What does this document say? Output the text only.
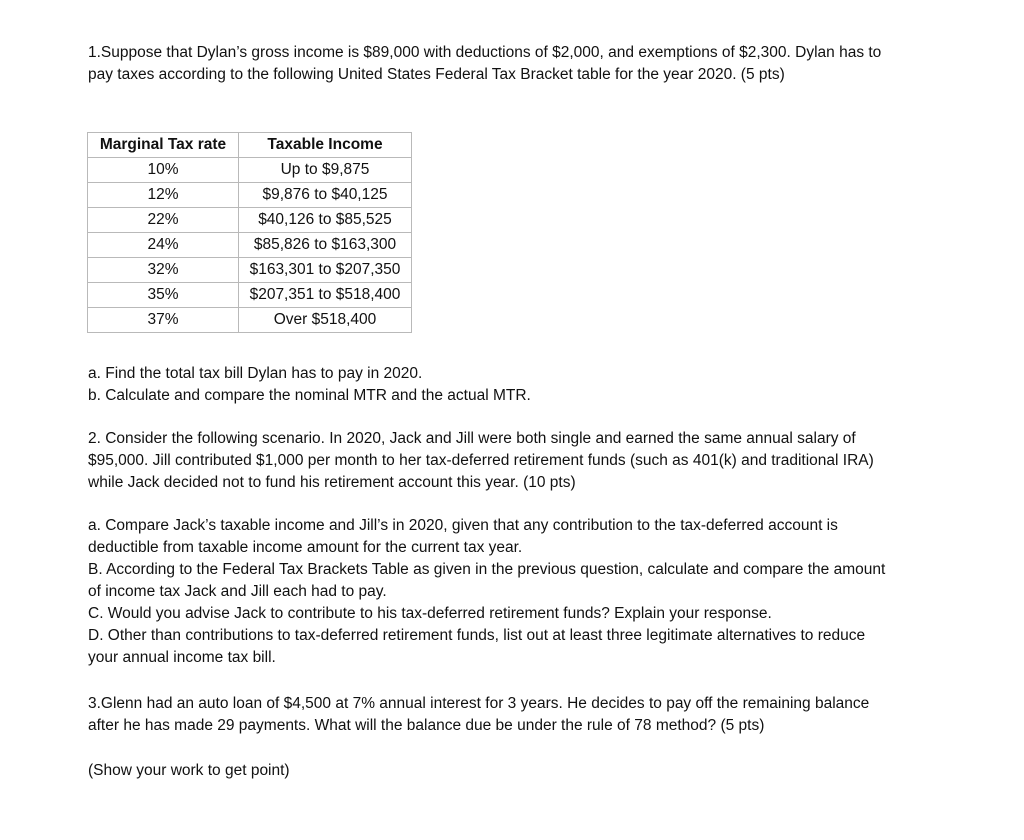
1.Suppose that Dylan’s gross income is $89,000 with deductions of $2,000, and exemptions of $2,300. Dylan has to
pay taxes according to the following United States Federal Tax Bracket table for the year 2020. (5 pts)

Marginal Tax rate	Taxable Income
10%	Up to $9,875
12%	$9,876 to $40,125
22%	$40,126 to $85,525
24%	$85,826 to $163,300
32%	$163,301 to $207,350
35%	$207,351 to $518,400
37%	Over $518,400

a. Find the total tax bill Dylan has to pay in 2020.
b. Calculate and compare the nominal MTR and the actual MTR.

2. Consider the following scenario. In 2020, Jack and Jill were both single and earned the same annual salary of
$95,000. Jill contributed $1,000 per month to her tax-deferred retirement funds (such as 401(k) and traditional IRA)
while Jack decided not to fund his retirement account this year. (10 pts)

a. Compare Jack’s taxable income and Jill’s in 2020, given that any contribution to the tax-deferred account is
deductible from taxable income amount for the current tax year.
B. According to the Federal Tax Brackets Table as given in the previous question, calculate and compare the amount
of income tax Jack and Jill each had to pay.
C. Would you advise Jack to contribute to his tax-deferred retirement funds? Explain your response.
D. Other than contributions to tax-deferred retirement funds, list out at least three legitimate alternatives to reduce
your annual income tax bill.

3.Glenn had an auto loan of $4,500 at 7% annual interest for 3 years. He decides to pay off the remaining balance
after he has made 29 payments. What will the balance due be under the rule of 78 method? (5 pts)

(Show your work to get point)
